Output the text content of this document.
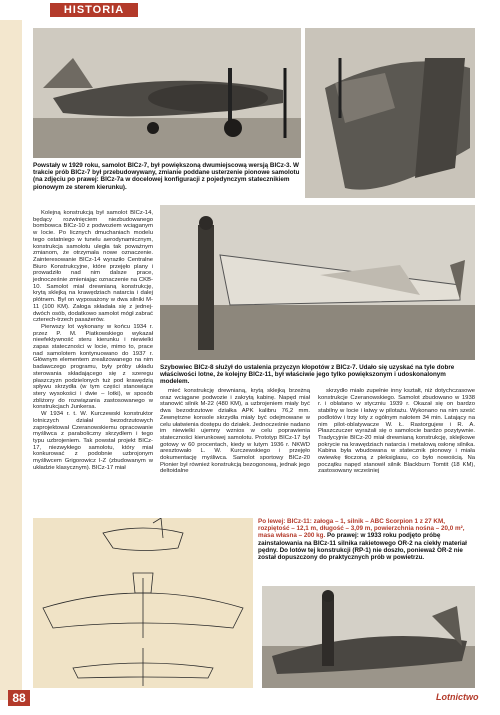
HISTORIA
Powstały w 1929 roku, samolot BICz-7, był powiększoną dwumiejscową wersją BICz-3. W trakcie prób BICz-7 był przebudowywany, zmianie poddane usterzenie pionowe samolotu (na zdjęciu po prawej: BICz-7a w docelowej konfiguracji z pojedynczym statecznikiem pionowym ze sterem kierunku).

Kolejną konstrukcją był samolot BICz-14, będący rozwinięciem niezbudowanego bombowca BICz-10 z podwoziem wciąganym w locie. Po licznych dmuchaniach modelu tego ostatniego w tunelu aerodynamicznym, konstrukcja samolotu uległa tak poważnym zmianom, że otrzymała nowe oznaczenie. Zainteresowanie BICz-14 wyraziło Centralne Biuro Konstrukcyjne, które przejęło plany i prowadziło nad nim dalsze prace, jednocześnie zmieniając oznaczenie na CKB-10. Samolot miał drewnianą konstrukcję, krytą sklejką na krawędziach natarcia i dalej płótnem. Był on wyposażony w dwa silniki M-11 (100 KM). Załoga składała się z jednej-dwóch osób, dodatkowo samolot mógł zabrać czterech-trzech pasażerów.

Pierwszy lot wykonany w końcu 1934 r. przez P. M. Piatkowskiego wykazał nieefektywność steru kierunku i niewielki zapas stateczności w locie, mimo to, prace nad samolotem kontynuowano do 1937 r. Głównym elementem zrealizowanego na nim badawczego programu, były próby układu sterowania składającego się z szeregu płaszczyzn podzielonych tuż pod krawędzią spływu skrzydła (w tym części stanowiące stery wysokości i dwie – lotki), w sposób zbliżony do rozwiązania zastosowanego w konstrukcjach Junkersa.

W 1934 r. t. W. Kurczewski konstruktor lotniczych działał bezodrzutowych zaprojektował Czeranowskiemu opracowanie myśliwca z paraboliczny skrzydłem i tego typu uzbrojeniem. Tak powstał projekt BICz-17, niezwykłego samolotu, który miał konkurować z podobnie uzbrojonym myśliwcem Grigorowicz I-Z (zbudowanym w układzie klasycznym). BICz-17 miał

Szybowiec BICz-8 służył do ustalenia przyczyn kłopotów z BICz-7. Udało się uzyskać na tyle dobre właściwości lotne, że kolejny BICz-11, był właściwie jego tylko powiększonym i udoskonalonym modelem.

mieć konstrukcję drewnianą, krytą sklejką brzeżną oraz wciągane podwozie i zakrytą kabinę. Napęd miał stanowić silnik M-22 (480 KM), a uzbrojeniem miały być dwa bezodrzutowe działka APK kalibru 76,2 mm. Zewnętrzne konsole skrzydła miały być odejmowane w celu ułatwienia dostępu do działek. Jednocześnie nadano im niewielki ujemny wznios w celu poprawienia stateczności kierunkowej samolotu. Prototyp BICz-17 był gotowy w 60 procentach, kiedy w lutym 1936 r. NKWD aresztowało L. W. Kurczewskiego i przejęło dokumentację myśliwca. Samolot sportowy BICz-20 Pionier był również konstrukcją bezogonową, jednak jego deltoidalne

skrzydło miało zupełnie inny kształt, niż dotychczasowe konstrukcje Czeranowskiego. Samolot zbudowano w 1938 r. i oblatano w styczniu 1939 r. Okazał się on bardzo stabilny w locie i łatwy w pilotażu. Wykonano na nim sześć podlotów i trzy loty z ogólnym nalotem 34 min. Latający na nim pilot-oblatywacze W. Ł. Rastorgujew i R. A. Płaszczuczer wyrażali się o samolocie bardzo pozytywnie. Tradycyjnie BICz-20 miał drewnianą konstrukcję, sklejkowe pokrycie na krawędziach natarcia i metalową osłonę silnika. Kabina była wbudowana w statecznik pionowy i miała owiewkę tłoczoną z pleksiglasu, co było nowością. Na początku napęd stanowił silnik Blackburn Tomtit (18 KM), zastosowany wcześniej

Po lewej: BICz-11: załoga – 1, silnik – ABC Scorpion 1 z 27 KM, rozpiętość – 12,1 m, długość – 3,09 m, powierzchnia nośna – 20,0 m², masa własna – 200 kg. Po prawej: w 1933 roku podjęto próbę zainstalowania na BICz-11 silnika rakietowego OR-2 na ciekły materiał pędny. Do lotów tej konstrukcji (RP-1) nie doszło, ponieważ OR-2 nie został dopuszczony do praktycznych prób w powietrzu.
88	Lotnictwo
